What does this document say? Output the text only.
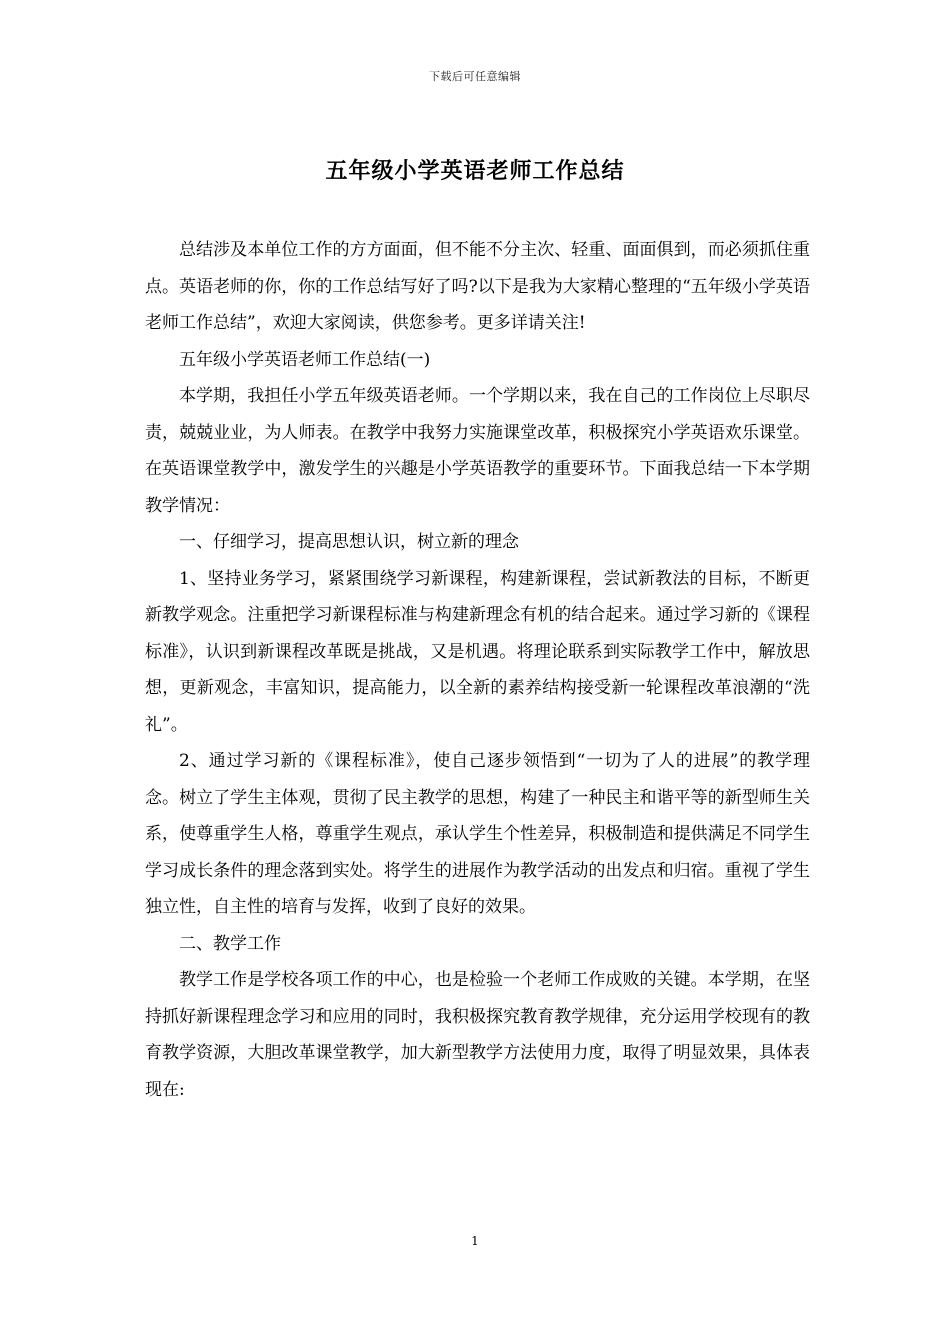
下载后可任意编辑
五年级小学英语老师工作总结

总结涉及本单位工作的方方面面，但不能不分主次、轻重、面面俱到，而必须抓住重点。英语老师的你，你的工作总结写好了吗?以下是我为大家精心整理的“五年级小学英语老师工作总结”，欢迎大家阅读，供您参考。更多详请关注!

五年级小学英语老师工作总结(一)

本学期，我担任小学五年级英语老师。一个学期以来，我在自己的工作岗位上尽职尽责，兢兢业业，为人师表。在教学中我努力实施课堂改革，积极探究小学英语欢乐课堂。在英语课堂教学中，激发学生的兴趣是小学英语教学的重要环节。下面我总结一下本学期教学情况：

一、仔细学习，提高思想认识，树立新的理念

1、坚持业务学习，紧紧围绕学习新课程，构建新课程，尝试新教法的目标，不断更新教学观念。注重把学习新课程标准与构建新理念有机的结合起来。通过学习新的《课程标准》，认识到新课程改革既是挑战，又是机遇。将理论联系到实际教学工作中，解放思想，更新观念，丰富知识，提高能力，以全新的素养结构接受新一轮课程改革浪潮的“洗礼”。

2、通过学习新的《课程标准》，使自己逐步领悟到“一切为了人的进展”的教学理念。树立了学生主体观，贯彻了民主教学的思想，构建了一种民主和谐平等的新型师生关系，使尊重学生人格，尊重学生观点，承认学生个性差异，积极制造和提供满足不同学生学习成长条件的理念落到实处。将学生的进展作为教学活动的出发点和归宿。重视了学生独立性，自主性的培育与发挥，收到了良好的效果。

二、教学工作

教学工作是学校各项工作的中心，也是检验一个老师工作成败的关键。本学期，在坚持抓好新课程理念学习和应用的同时，我积极探究教育教学规律，充分运用学校现有的教育教学资源，大胆改革课堂教学，加大新型教学方法使用力度，取得了明显效果，具体表现在:

1
